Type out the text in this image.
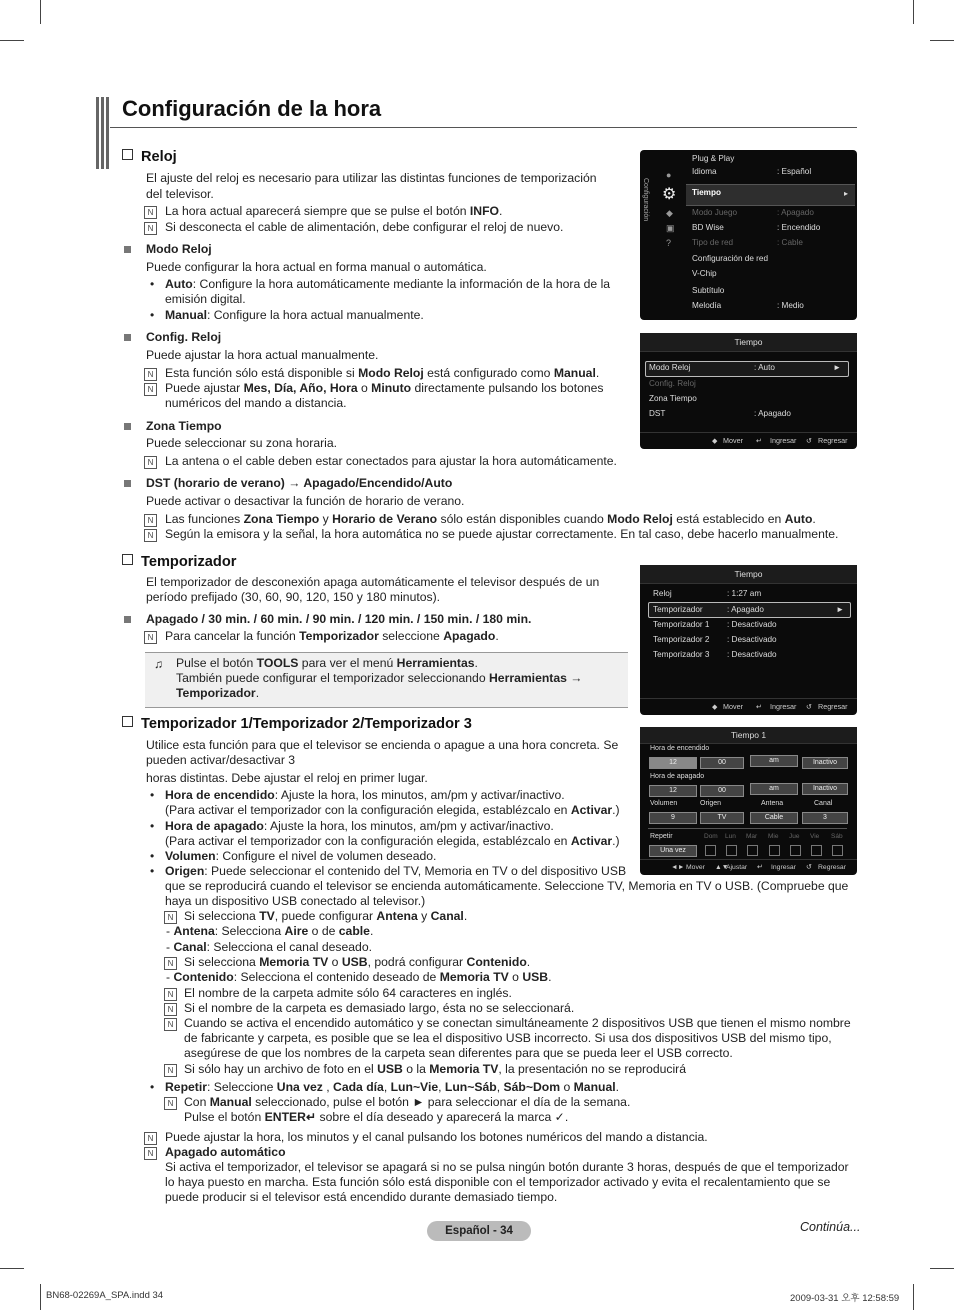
Configuración de la hora
Reloj
El ajuste del reloj es necesario para utilizar las distintas funciones de temporización
del televisor.
N La hora actual aparecerá siempre que se pulse el botón INFO.
N Si desconecta el cable de alimentación, debe configurar el reloj de nuevo.
Modo Reloj
Puede configurar la hora actual en forma manual o automática.
• Auto: Configure la hora automáticamente mediante la información de la hora de la
emisión digital.
• Manual: Configure la hora actual manualmente.
Config. Reloj
Puede ajustar la hora actual manualmente.
N Esta función sólo está disponible si Modo Reloj está configurado como Manual.
N Puede ajustar Mes, Día, Año, Hora o Minuto directamente pulsando los botones
numéricos del mando a distancia.
Zona Tiempo
Puede seleccionar su zona horaria.
N La antena o el cable deben estar conectados para ajustar la hora automáticamente.
DST (horario de verano) → Apagado/Encendido/Auto
Puede activar o desactivar la función de horario de verano.
N Las funciones Zona Tiempo y Horario de Verano sólo están disponibles cuando Modo Reloj está establecido en Auto.
N Según la emisora y la señal, la hora automática no se puede ajustar correctamente. En tal caso, debe hacerlo manualmente.
Temporizador
El temporizador de desconexión apaga automáticamente el televisor después de un
período prefijado (30, 60, 90, 120, 150 y 180 minutos).
Apagado / 30 min. / 60 min. / 90 min. / 120 min. / 150 min. / 180 min.
N Para cancelar la función Temporizador seleccione Apagado.
♫ Pulse el botón TOOLS para ver el menú Herramientas.
También puede configurar el temporizador seleccionando Herramientas →
Temporizador.
Temporizador 1/Temporizador 2/Temporizador 3
Utilice esta función para que el televisor se encienda o apague a una hora concreta. Se
pueden activar/desactivar 3
horas distintas. Debe ajustar el reloj en primer lugar.
• Hora de encendido: Ajuste la hora, los minutos, am/pm y activar/inactivo.
(Para activar el temporizador con la configuración elegida, establézcalo en Activar.)
• Hora de apagado: Ajuste la hora, los minutos, am/pm y activar/inactivo.
(Para activar el temporizador con la configuración elegida, establézcalo en Activar.)
• Volumen: Configure el nivel de volumen deseado.
• Origen: Puede seleccionar el contenido del TV, Memoria en TV o del dispositivo USB
que se reproducirá cuando el televisor se encienda automáticamente. Seleccione TV, Memoria en TV o USB. (Compruebe que
haya un dispositivo USB conectado al televisor.)
N Si selecciona TV, puede configurar Antena y Canal.
- Antena: Selecciona Aire o de cable.
- Canal: Selecciona el canal deseado.
N Si selecciona Memoria TV o USB, podrá configurar Contenido.
- Contenido: Selecciona el contenido deseado de Memoria TV o USB.
N El nombre de la carpeta admite sólo 64 caracteres en inglés.
N Si el nombre de la carpeta es demasiado largo, ésta no se seleccionará.
N Cuando se activa el encendido automático y se conectan simultáneamente 2 dispositivos USB que tienen el mismo nombre
de fabricante y carpeta, es posible que se lea el dispositivo USB incorrecto. Si usa dos dispositivos USB del mismo tipo,
asegúrese de que los nombres de la carpeta sean diferentes para que se pueda leer el USB correcto.
N Si sólo hay un archivo de foto en el USB o la Memoria TV, la presentación no se reproducirá
• Repetir: Seleccione Una vez , Cada día, Lun~Vie, Lun~Sáb, Sáb~Dom o Manual.
N Con Manual seleccionado, pulse el botón ► para seleccionar el día de la semana.
Pulse el botón ENTER↵ sobre el día deseado y aparecerá la marca ✓.
N Puede ajustar la hora, los minutos y el canal pulsando los botones numéricos del mando a distancia.
N Apagado automático
Si activa el temporizador, el televisor se apagará si no se pulsa ningún botón durante 3 horas, después de que el temporizador
lo haya puesto en marcha. Esta función sólo está disponible con el temporizador activado y evita el recalentamiento que se
puede producir si el televisor está encendido durante demasiado tiempo.
Configuración
●
⚙
◆
▣
?
Plug & Play
Idioma	: Español
Tiempo	▸
Modo Juego	: Apagado
BD Wise	: Encendido
Tipo de red	: Cable
Configuración de red
V-Chip
Subtítulo
Melodía	: Medio
Tiempo
Modo Reloj	: Auto	►
Config. Reloj
Zona Tiempo
DST	: Apagado
◆ Mover ↵ Ingresar ↺ Regresar
Tiempo
Reloj	: 1:27 am
Temporizador	: Apagado	►
Temporizador 1 : Desactivado
Temporizador 2 : Desactivado
Temporizador 3 : Desactivado
◆ Mover ↵ Ingresar ↺ Regresar
Tiempo 1
Hora de encendido
12	00	am	Inactivo
Hora de apagado
12	00	am	Inactivo
Volumen	Origen	Antena	Canal
9	TV	Cable	3
Repetir
Una vez
Dom Lun Mar Mie Jue Vie Sáb
◄► Mover ▲▼
Ajustar ↵ Ingresar ↺ Regresar
Continúa...
Español - 34
BN68-02269A_SPA.indd 34	2009-03-31 오후 12:58:59
